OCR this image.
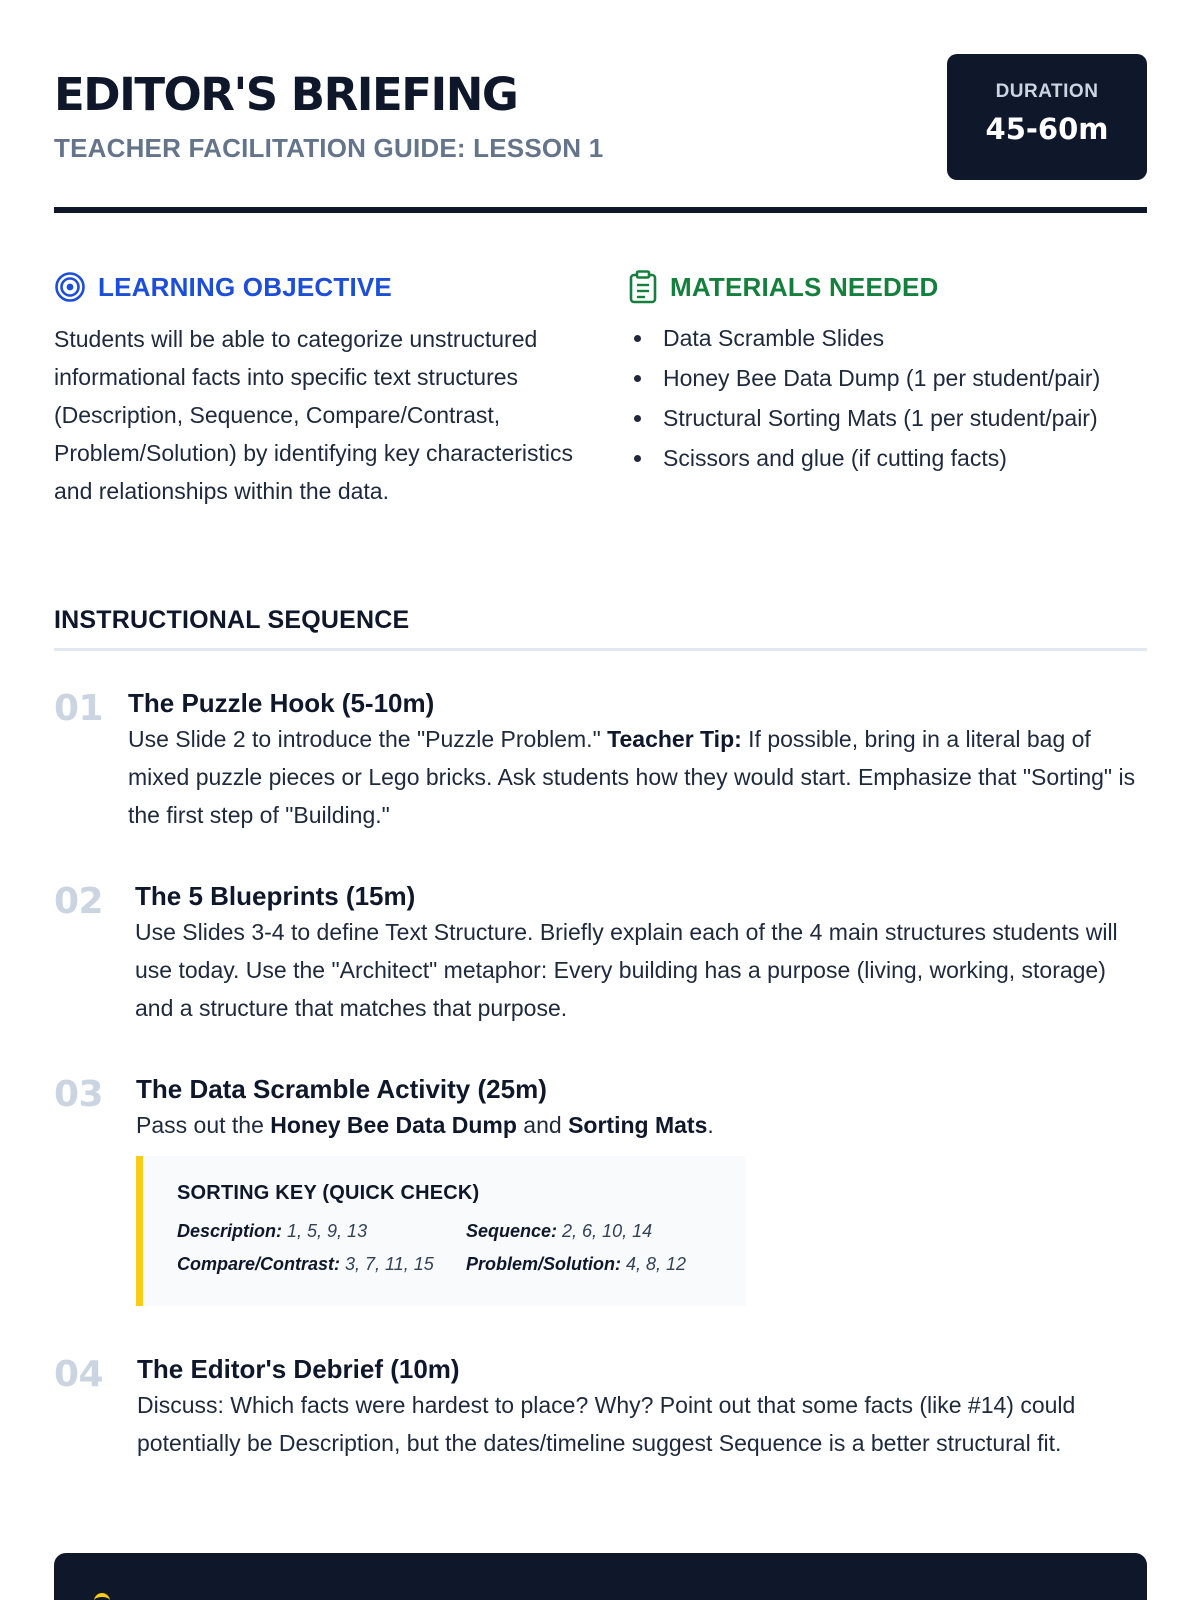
EDITOR'S BRIEFING
TEACHER FACILITATION GUIDE: LESSON 1
DURATION
45-60m
LEARNING OBJECTIVE

Students will be able to categorize unstructured informational facts into specific text structures (Description, Sequence, Compare/Contrast, Problem/Solution) by identifying key characteristics and relationships within the data.

MATERIALS NEEDED
Data Scramble Slides
Honey Bee Data Dump (1 per student/pair)
Structural Sorting Mats (1 per student/pair)
Scissors and glue (if cutting facts)
INSTRUCTIONAL SEQUENCE
01 The Puzzle Hook (5-10m)

Use Slide 2 to introduce the "Puzzle Problem." Teacher Tip: If possible, bring in a literal bag of mixed puzzle pieces or Lego bricks. Ask students how they would start. Emphasize that "Sorting" is the first step of "Building."

02 The 5 Blueprints (15m)

Use Slides 3-4 to define Text Structure. Briefly explain each of the 4 main structures students will use today. Use the "Architect" metaphor: Every building has a purpose (living, working, storage) and a structure that matches that purpose.

03 The Data Scramble Activity (25m)

Pass out the Honey Bee Data Dump and Sorting Mats.

SORTING KEY (QUICK CHECK)
Description: 1, 5, 9, 13	Sequence: 2, 6, 10, 14
Compare/Contrast: 3, 7, 11, 15 Problem/Solution: 4, 8, 12
04 The Editor's Debrief (10m)

Discuss: Which facts were hardest to place? Why? Point out that some facts (like #14) could potentially be Description, but the dates/timeline suggest Sequence is a better structural fit.
